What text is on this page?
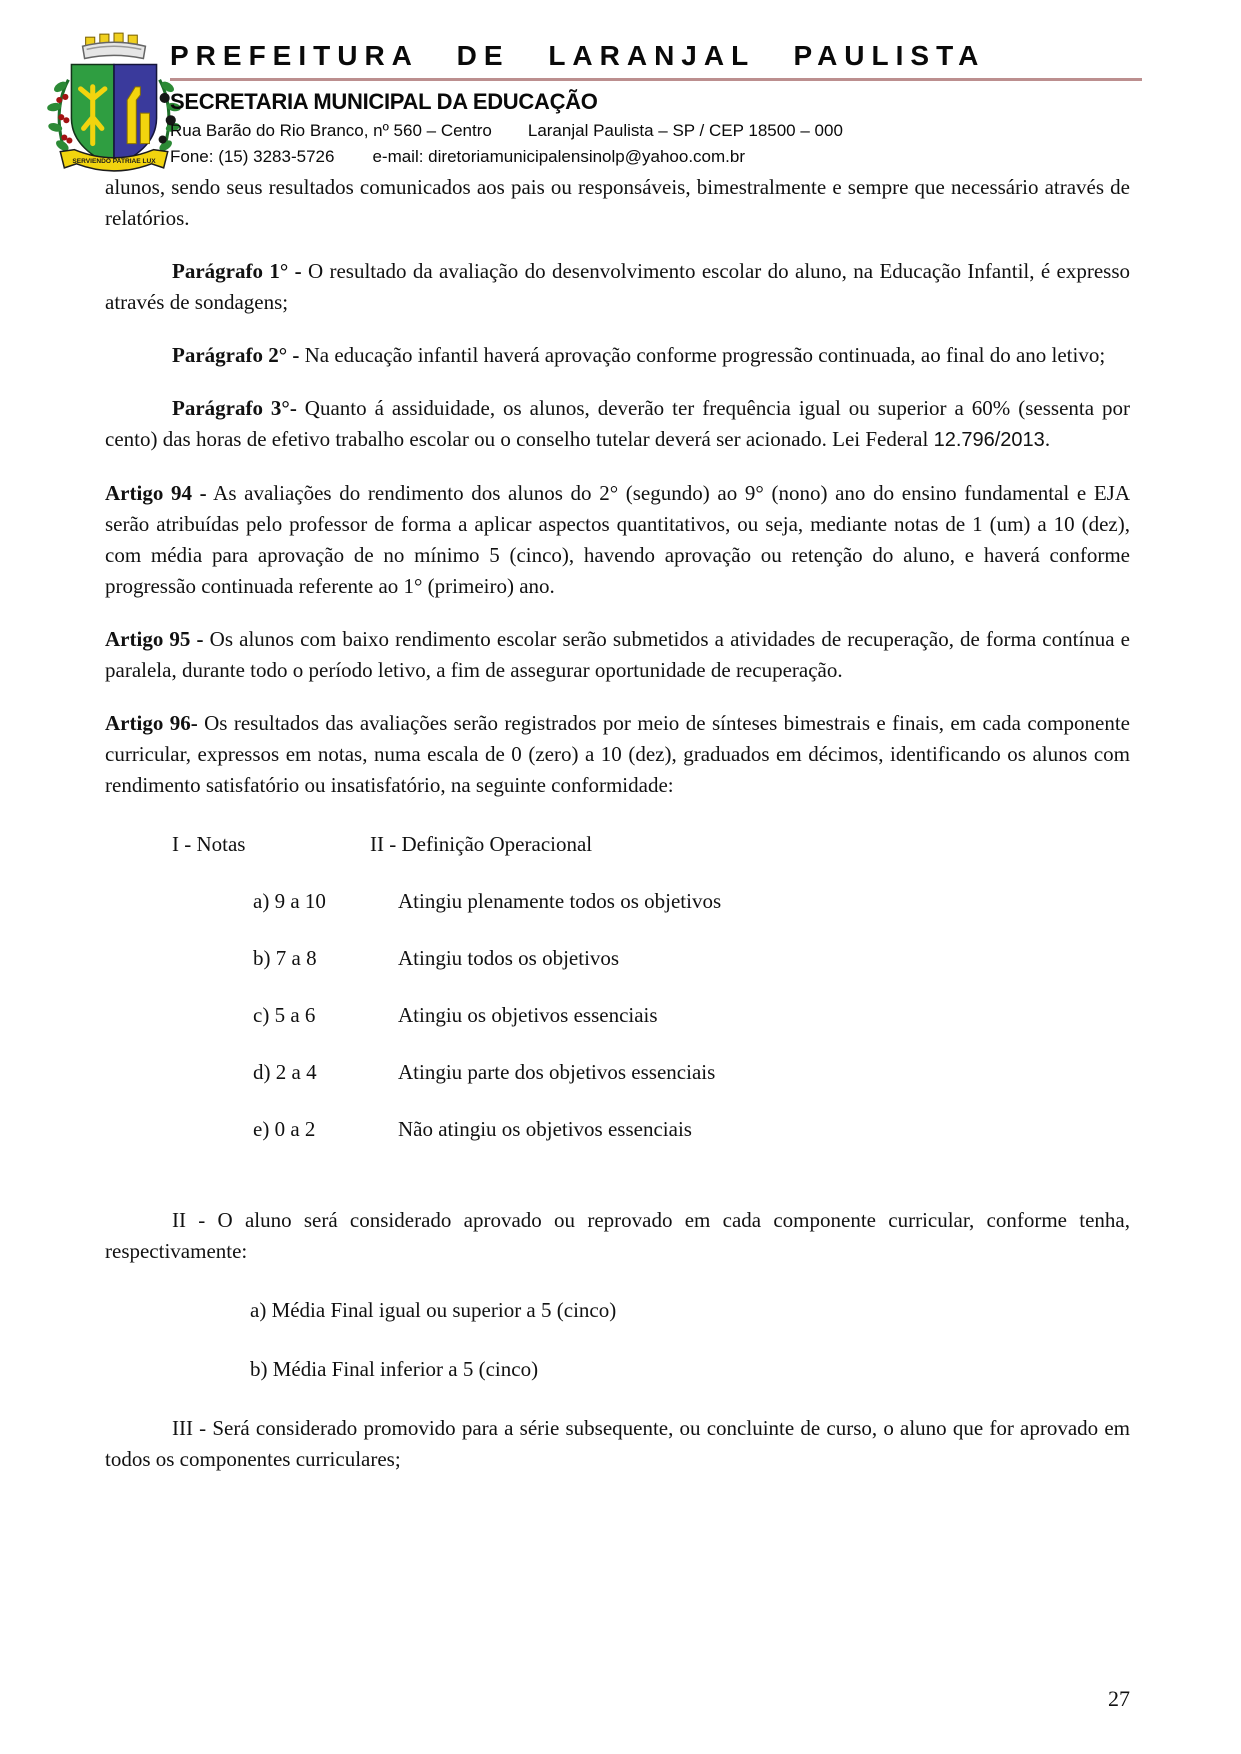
SERVIENDO PATRIAE LUX
PREFEITURA DE LARANJAL PAULISTA
SECRETARIA MUNICIPAL DA EDUCAÇÃO
Rua Barão do Rio Branco, nº 560 – Centro Laranjal Paulista – SP / CEP 18500 – 000
Fone: (15) 3283-5726 e-mail: diretoriamunicipalensinolp@yahoo.com.br

alunos, sendo seus resultados comunicados aos pais ou responsáveis, bimestralmente e sempre que necessário através de relatórios.

Parágrafo 1° - O resultado da avaliação do desenvolvimento escolar do aluno, na Educação Infantil, é expresso através de sondagens;

Parágrafo 2° - Na educação infantil haverá aprovação conforme progressão continuada, ao final do ano letivo;

Parágrafo 3°- Quanto á assiduidade, os alunos, deverão ter frequência igual ou superior a 60% (sessenta por cento) das horas de efetivo trabalho escolar ou o conselho tutelar deverá ser acionado. Lei Federal 12.796/2013.

Artigo 94 - As avaliações do rendimento dos alunos do 2° (segundo) ao 9° (nono) ano do ensino fundamental e EJA serão atribuídas pelo professor de forma a aplicar aspectos quantitativos, ou seja, mediante notas de 1 (um) a 10 (dez), com média para aprovação de no mínimo 5 (cinco), havendo aprovação ou retenção do aluno, e haverá conforme progressão continuada referente ao 1° (primeiro) ano.

Artigo 95 - Os alunos com baixo rendimento escolar serão submetidos a atividades de recuperação, de forma contínua e paralela, durante todo o período letivo, a fim de assegurar oportunidade de recuperação.

Artigo 96- Os resultados das avaliações serão registrados por meio de sínteses bimestrais e finais, em cada componente curricular, expressos em notas, numa escala de 0 (zero) a 10 (dez), graduados em décimos, identificando os alunos com rendimento satisfatório ou insatisfatório, na seguinte conformidade:

I - Notas	II - Definição Operacional
a) 9 a 10	Atingiu plenamente todos os objetivos
b) 7 a 8	Atingiu todos os objetivos
c) 5 a 6	Atingiu os objetivos essenciais
d) 2 a 4	Atingiu parte dos objetivos essenciais
e) 0 a 2	Não atingiu os objetivos essenciais

II - O aluno será considerado aprovado ou reprovado em cada componente curricular, conforme tenha, respectivamente:

a) Média Final igual ou superior a 5 (cinco)
b) Média Final inferior a 5 (cinco)

III - Será considerado promovido para a série subsequente, ou concluinte de curso, o aluno que for aprovado em todos os componentes curriculares;

27
